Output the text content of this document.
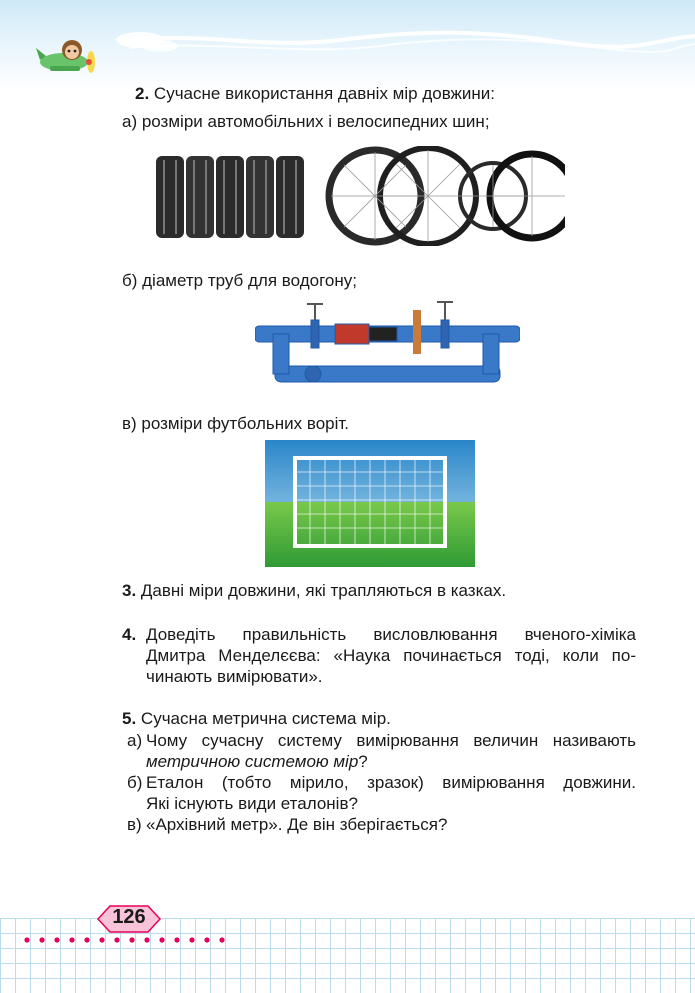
2. Сучасне використання давніх мір довжини:
а) розміри автомобільних і велосипедних шин;
б) діаметр труб для водогону;
в) розміри футбольних воріт.
3. Давні міри довжини, які трапляються в казках.
4. Доведіть правильність висловлювання вченого-хіміка
Дмитра Менделєєва: «Наука починається тоді, коли по-
чинають вимірювати».
5. Сучасна метрична система мір.
а) Чому сучасну систему вимірювання величин називають
метричною системою мір?
б) Еталон (тобто мірило, зразок) вимірювання довжини.
Які існують види еталонів?
в) «Архівний метр». Де він зберігається?
126
